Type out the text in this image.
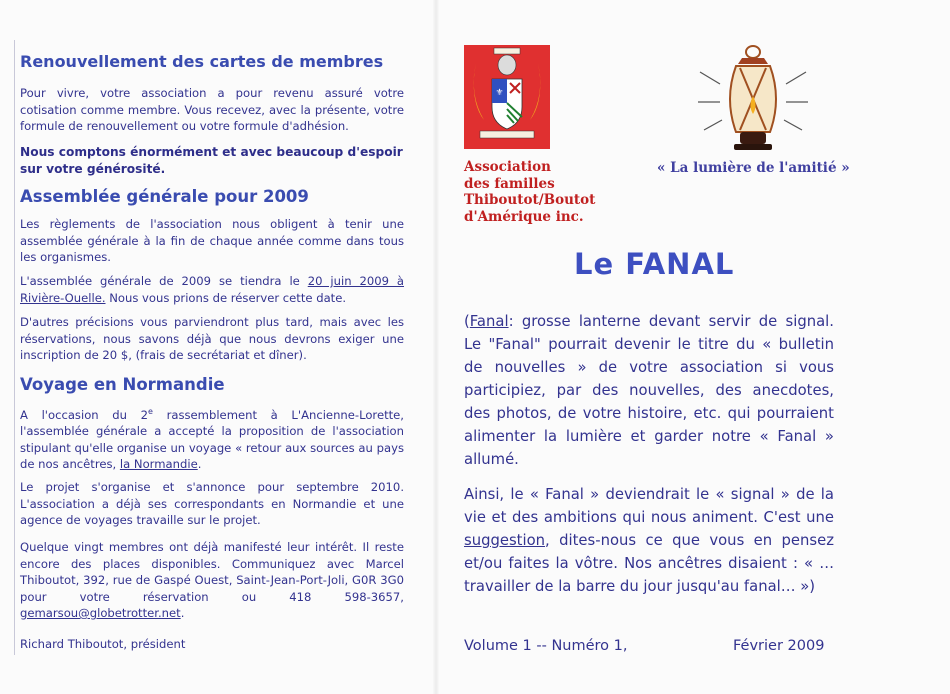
Renouvellement des cartes de membres

Pour vivre, votre association a pour revenu assuré votre cotisation comme membre. Vous recevez, avec la présente, votre formule de renouvellement ou votre formule d'adhésion.

Nous comptons énormément et avec beaucoup d'espoir sur votre générosité.

Assemblée générale pour 2009

Les règlements de l'association nous obligent à tenir une assemblée générale à la fin de chaque année comme dans tous les organismes.

L'assemblée générale de 2009 se tiendra le 20 juin 2009 à Rivière-Ouelle. Nous vous prions de réserver cette date.

D'autres précisions vous parviendront plus tard, mais avec les réservations, nous savons déjà que nous devrons exiger une inscription de 20 $, (frais de secrétariat et dîner).

Voyage en Normandie

A l'occasion du 2e rassemblement à L'Ancienne-Lorette, l'assemblée générale a accepté la proposition de l'association stipulant qu'elle organise un voyage « retour aux sources au pays de nos ancêtres, la Normandie.

Le projet s'organise et s'annonce pour septembre 2010. L'association a déjà ses correspondants en Normandie et une agence de voyages travaille sur le projet.

Quelque vingt membres ont déjà manifesté leur intérêt. Il reste encore des places disponibles. Communiquez avec Marcel Thiboutot, 392, rue de Gaspé Ouest, Saint-Jean-Port-Joli, G0R 3G0 pour votre réservation ou 418 598-3657, gemarsou@globetrotter.net.

Richard Thiboutot, président

⚜
Association
des familles
Thiboutot/Boutot
d'Amérique inc.
« La lumière de l'amitié »
Le FANAL

(Fanal: grosse lanterne devant servir de signal. Le "Fanal" pourrait devenir le titre du « bulletin de nouvelles » de votre association si vous participiez, par des nouvelles, des anecdotes, des photos, de votre histoire, etc. qui pourraient alimenter la lumière et garder notre « Fanal » allumé.

Ainsi, le « Fanal » deviendrait le « signal » de la vie et des ambitions qui nous animent. C'est une suggestion, dites-nous ce que vous en pensez et/ou faites la vôtre. Nos ancêtres disaient : « …travailler de la barre du jour jusqu'au fanal… »)

Volume 1 -- Numéro 1,	Février 2009
